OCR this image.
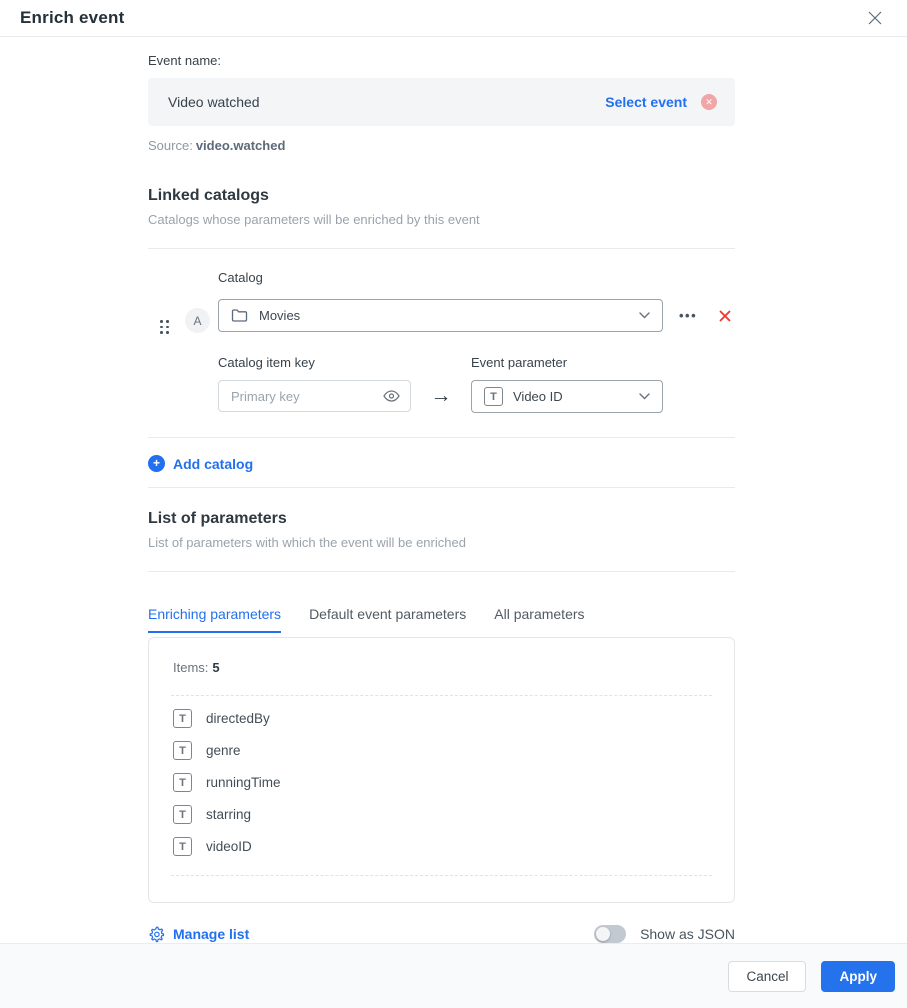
Enrich event
Event name:
Video watched	Select event	✕
Source: video.watched
Linked catalogs
Catalogs whose parameters will be enriched by this event
A
Catalog
Movies	•••
Catalog item key
Primary key
→
Event parameter
T	Video ID
+ Add catalog
List of parameters
List of parameters with which the event will be enriched
Enriching parameters Default event parameters All parameters
Items: 5
T	directedBy
T	genre
T	runningTime
T	starring
T	videoID
Manage list	Show as JSON
Cancel	Apply
